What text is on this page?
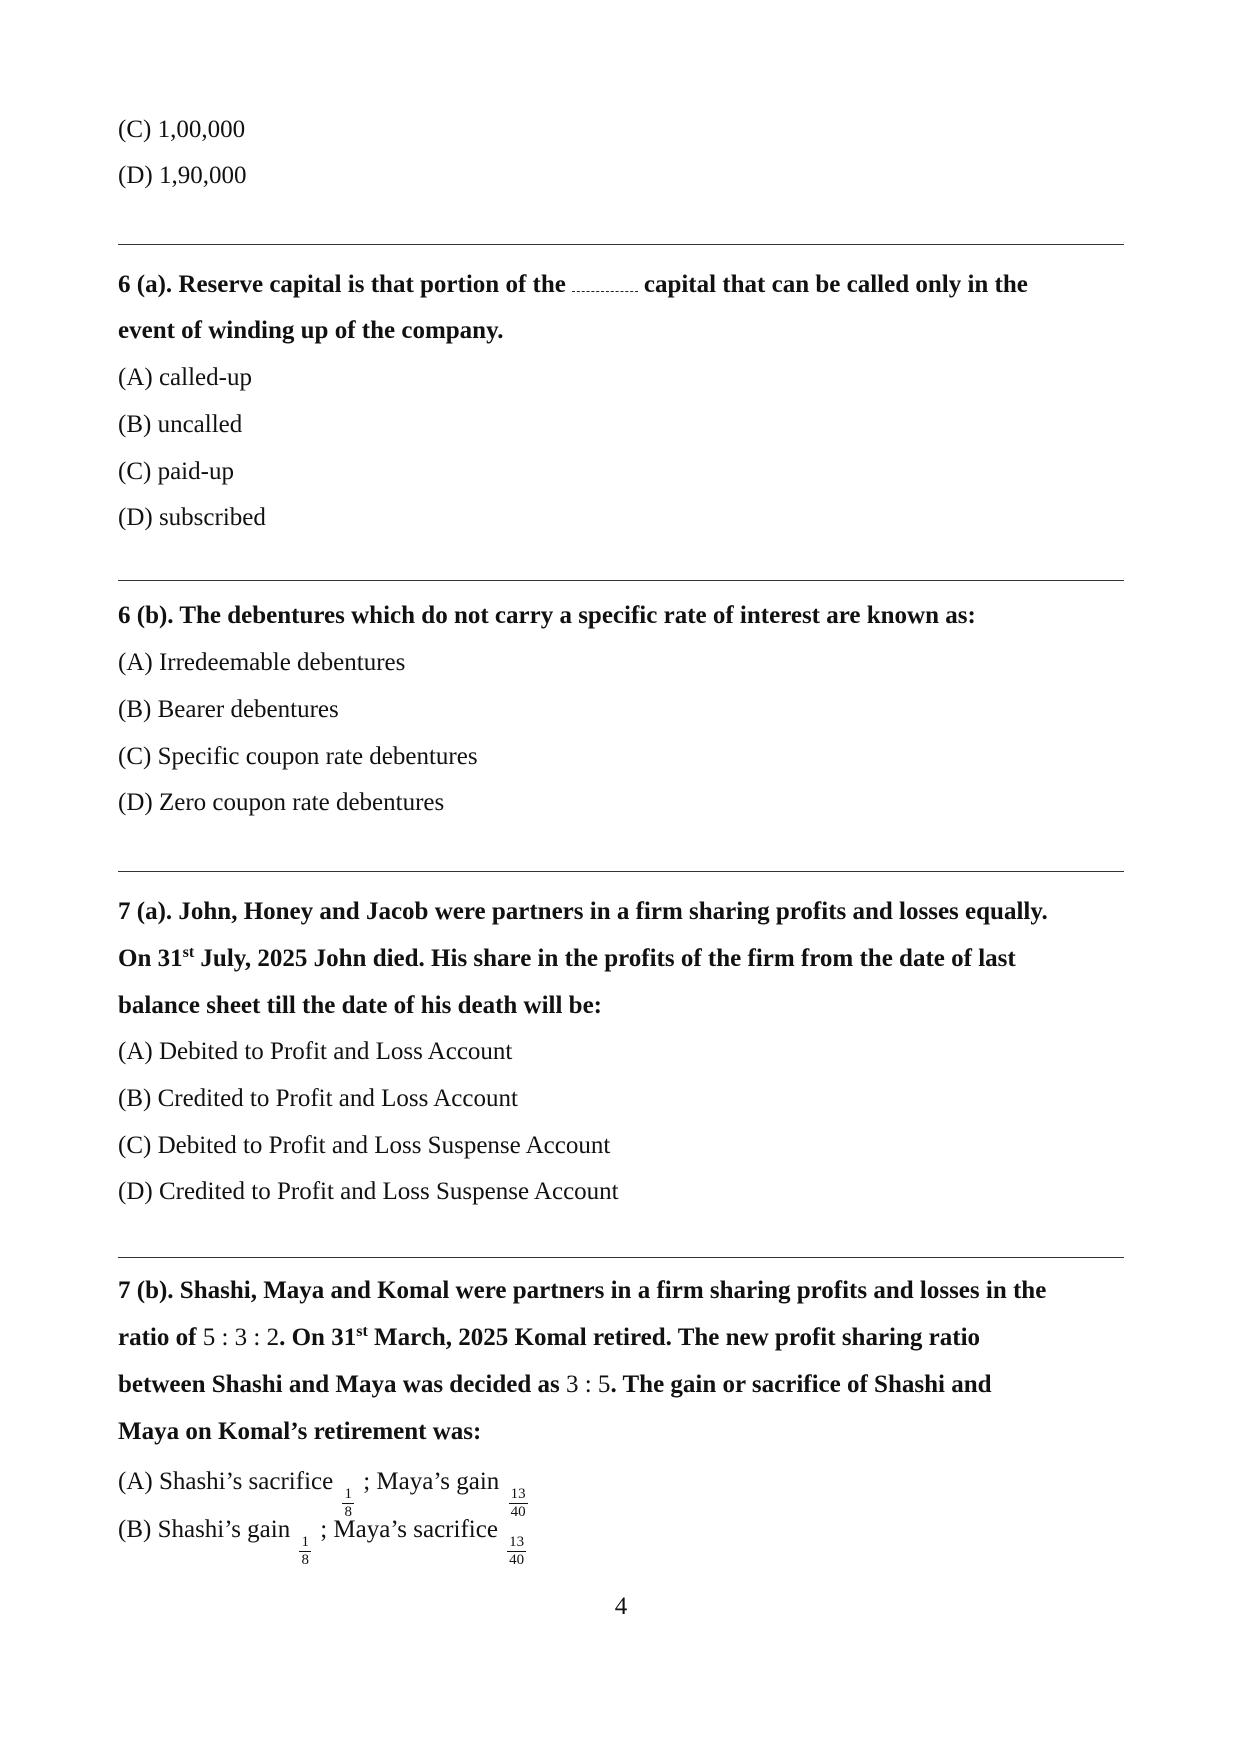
(C) 1,00,000
(D) 1,90,000
6 (a). Reserve capital is that portion of the	capital that can be called only in the
event of winding up of the company.
(A) called-up
(B) uncalled
(C) paid-up
(D) subscribed
6 (b). The debentures which do not carry a specific rate of interest are known as:
(A) Irredeemable debentures
(B) Bearer debentures
(C) Specific coupon rate debentures
(D) Zero coupon rate debentures
7 (a). John, Honey and Jacob were partners in a firm sharing profits and losses equally.
On 31st July, 2025 John died. His share in the profits of the firm from the date of last
balance sheet till the date of his death will be:
(A) Debited to Profit and Loss Account
(B) Credited to Profit and Loss Account
(C) Debited to Profit and Loss Suspense Account
(D) Credited to Profit and Loss Suspense Account
7 (b). Shashi, Maya and Komal were partners in a firm sharing profits and losses in the
ratio of 5 : 3 : 2. On 31st March, 2025 Komal retired. The new profit sharing ratio
between Shashi and Maya was decided as 3 : 5. The gain or sacrifice of Shashi and
Maya on Komal’s retirement was:
(A) Shashi’s sacrifice
$\frac{1}{8}$
; Maya’s gain
$\frac{13}{40}$
(B) Shashi’s gain
$\frac{1}{8}$
; Maya’s sacrifice
$\frac{13}{40}$
4
